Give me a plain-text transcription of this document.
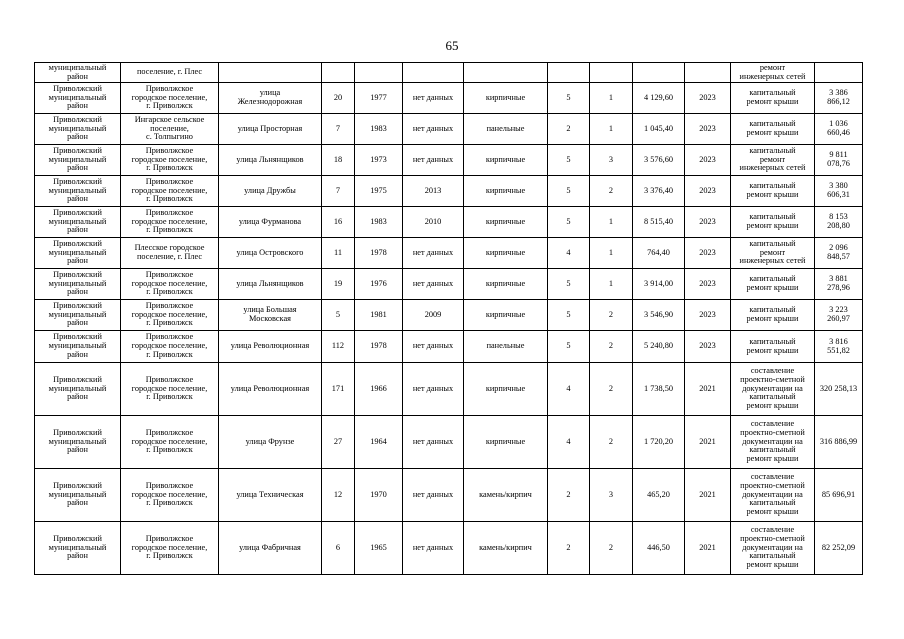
65
муниципальный
район	поселение, г. Плес										ремонт
инженерных сетей	
Приволжский
муниципальный
район	Приволжское
городское поселение,
г. Приволжск	улица
Железнодорожная	20	1977	нет данных	кирпичные	5	1	4 129,60	2023	капитальный
ремонт крыши	3 386 866,12
Приволжский
муниципальный
район	Ингарское сельское
поселение,
с. Толпыгино	улица Просторная	7	1983	нет данных	панельные	2	1	1 045,40	2023	капитальный
ремонт крыши	1 036 660,46
Приволжский
муниципальный
район	Приволжское
городское поселение,
г. Приволжск	улица Льнянщиков	18	1973	нет данных	кирпичные	5	3	3 576,60	2023	капитальный
ремонт
инженерных сетей	9 811 078,76
Приволжский
муниципальный
район	Приволжское
городское поселение,
г. Приволжск	улица Дружбы	7	1975	2013	кирпичные	5	2	3 376,40	2023	капитальный
ремонт крыши	3 380 606,31
Приволжский
муниципальный
район	Приволжское
городское поселение,
г. Приволжск	улица Фурманова	16	1983	2010	кирпичные	5	1	8 515,40	2023	капитальный
ремонт крыши	8 153 208,80
Приволжский
муниципальный
район	Плесское городское
поселение, г. Плес	улица Островского	11	1978	нет данных	кирпичные	4	1	764,40	2023	капитальный
ремонт
инженерных сетей	2 096 848,57
Приволжский
муниципальный
район	Приволжское
городское поселение,
г. Приволжск	улица Льнянщиков	19	1976	нет данных	кирпичные	5	1	3 914,00	2023	капитальный
ремонт крыши	3 881 278,96
Приволжский
муниципальный
район	Приволжское
городское поселение,
г. Приволжск	улица Большая
Московская	5	1981	2009	кирпичные	5	2	3 546,90	2023	капитальный
ремонт крыши	3 223 260,97
Приволжский
муниципальный
район	Приволжское
городское поселение,
г. Приволжск	улица Революционная	112	1978	нет данных	панельные	5	2	5 240,80	2023	капитальный
ремонт крыши	3 816 551,82
Приволжский
муниципальный
район	Приволжское
городское поселение,
г. Приволжск	улица Революционная	171	1966	нет данных	кирпичные	4	2	1 738,50	2021	составление
проектно-сметной
документации на
капитальный
ремонт крыши	320 258,13
Приволжский
муниципальный
район	Приволжское
городское поселение,
г. Приволжск	улица Фрунзе	27	1964	нет данных	кирпичные	4	2	1 720,20	2021	составление
проектно-сметной
документации на
капитальный
ремонт крыши	316 886,99
Приволжский
муниципальный
район	Приволжское
городское поселение,
г. Приволжск	улица Техническая	12	1970	нет данных	камень/кирпич	2	3	465,20	2021	составление
проектно-сметной
документации на
капитальный
ремонт крыши	85 696,91
Приволжский
муниципальный
район	Приволжское
городское поселение,
г. Приволжск	улица Фабричная	6	1965	нет данных	камень/кирпич	2	2	446,50	2021	составление
проектно-сметной
документации на
капитальный
ремонт крыши	82 252,09
